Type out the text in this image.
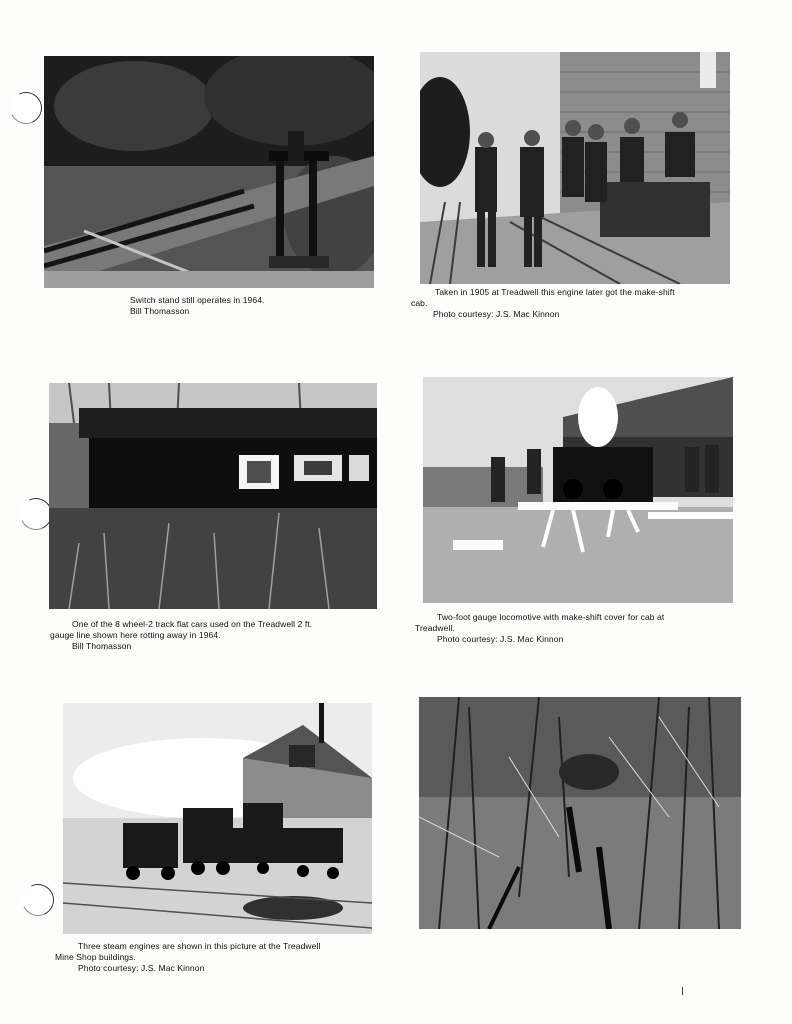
Switch stand still operates in 1964.
Bill Thomasson
Taken in 1905 at Treadwell this engine later got the make-shift
cab.
Photo courtesy: J.S. Mac Kinnon
One of the 8 wheel-2 track flat cars used on the Treadwell 2 ft.
gauge line shown here rotting away in 1964.
Bill Thomasson
Two-foot gauge locomotive with make-shift cover for cab at
Treadwell.
Photo courtesy: J.S. Mac Kinnon
Three steam engines are shown in this picture at the Treadwell
Mine Shop buildings.
Photo courtesy: J.S. Mac Kinnon
